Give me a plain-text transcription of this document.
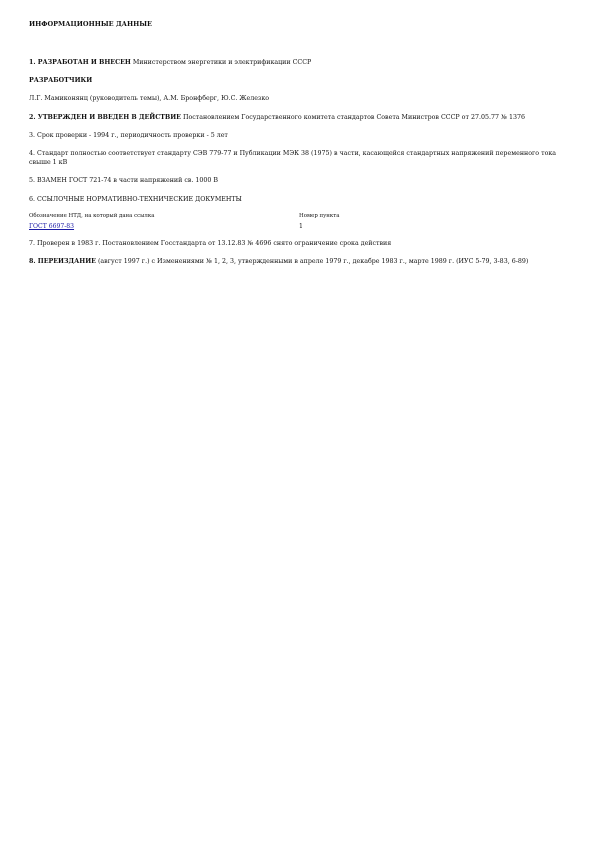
ИНФОРМАЦИОННЫЕ ДАННЫЕ

1. РАЗРАБОТАН И ВНЕСЕН Министерством энергетики и электрификации СССР

РАЗРАБОТЧИКИ

Л.Г. Мамиконянц (руководитель темы), А.М. Бронфберг, Ю.С. Железко

2. УТВЕРЖДЕН И ВВЕДЕН В ДЕЙСТВИЕ Постановлением Государственного комитета стандартов Совета Министров СССР от 27.05.77 № 1376

3. Срок проверки - 1994 г., периодичность проверки - 5 лет

4. Стандарт полностью соответствует стандарту СЭВ 779-77 и Публикации МЭК 38 (1975) в части, касающейся стандартных напряжений переменного тока свыше 1 кВ

5. ВЗАМЕН ГОСТ 721-74 в части напряжений св. 1000 В

6. ССЫЛОЧНЫЕ НОРМАТИВНО-ТЕХНИЧЕСКИЕ ДОКУМЕНТЫ

Обозначение НТД, на который дана ссылка	Номер пункта
ГОСТ 6697-83	1

7. Проверен в 1983 г. Постановлением Госстандарта от 13.12.83 № 4696 снято ограничение срока действия

8. ПЕРЕИЗДАНИЕ (август 1997 г.) с Изменениями № 1, 2, 3, утвержденными в апреле 1979 г., декабре 1983 г., марте 1989 г. (ИУС 5-79, 3-83, 6-89)
